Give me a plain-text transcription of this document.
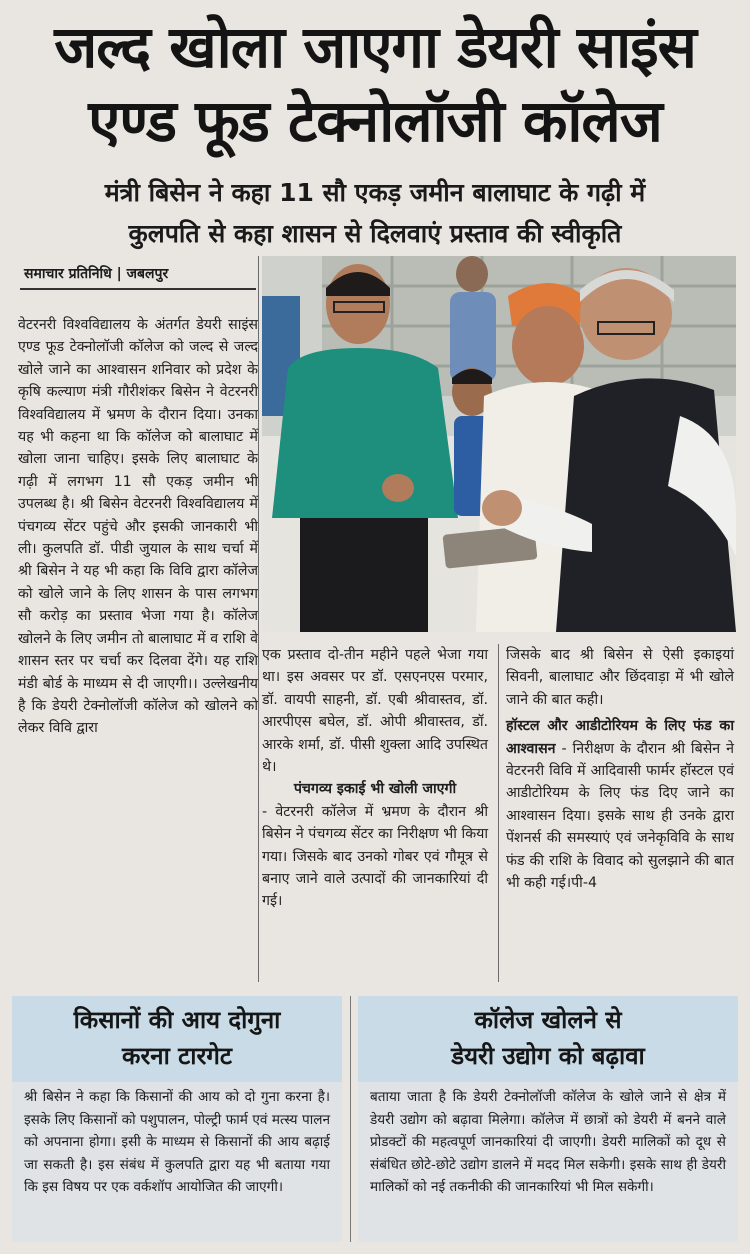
जल्द खोला जाएगा डेयरी साइंस
एण्ड फूड टेक्नोलॉजी कॉलेज
मंत्री बिसेन ने कहा 11 सौ एकड़ जमीन बालाघाट के गढ़ी में
कुलपति से कहा शासन से दिलवाएं प्रस्ताव की स्वीकृति
समाचार प्रतिनिधि | जबलपुर

वेटरनरी विश्वविद्यालय के अंतर्गत डेयरी साइंस एण्ड फूड टेक्नोलॉजी कॉलेज को जल्द से जल्द खोले जाने का आश्वासन शनिवार को प्रदेश के कृषि कल्याण मंत्री गौरीशंकर बिसेन ने वेटरनरी विश्वविद्यालय में भ्रमण के दौरान दिया। उनका यह भी कहना था कि कॉलेज को बालाघाट में खोला जाना चाहिए। इसके लिए बालाघाट के गढ़ी में लगभग 11 सौ एकड़ जमीन भी उपलब्ध है। श्री बिसेन वेटरनरी विश्वविद्यालय में पंचगव्य सेंटर पहुंचे और इसकी जानकारी भी ली। कुलपति डॉ. पीडी जुयाल के साथ चर्चा में श्री बिसेन ने यह भी कहा कि विवि द्वारा कॉलेज को खोले जाने के लिए शासन के पास लगभग सौ करोड़ का प्रस्ताव भेजा गया है। कॉलेज खोलने के लिए जमीन तो बालाघाट में व राशि वे शासन स्तर पर चर्चा कर दिलवा देंगे। यह राशि मंडी बोर्ड के माध्यम से दी जाएगी।। उल्लेखनीय है कि डेयरी टेक्नोलॉजी कॉलेज को खोलने को लेकर विवि द्वारा

एक प्रस्ताव दो-तीन महीने पहले भेजा गया था। इस अवसर पर डॉ. एसएनएस परमार, डॉ. वायपी साहनी, डॉ. एबी श्रीवास्तव, डॉ. आरपीएस बघेल, डॉ. ओपी श्रीवास्तव, डॉ. आरके शर्मा, डॉ. पीसी शुक्ला आदि उपस्थित थे।

पंचगव्य इकाई भी खोली जाएगी

- वेटरनरी कॉलेज में भ्रमण के दौरान श्री बिसेन ने पंचगव्य सेंटर का निरीक्षण भी किया गया। जिसके बाद उनको गोबर एवं गौमूत्र से बनाए जाने वाले उत्पादों की जानकारियां दी गई।

जिसके बाद श्री बिसेन से ऐसी इकाइयां सिवनी, बालाघाट और छिंदवाड़ा में भी खोले जाने की बात कही।

हॉस्टल और आडीटोरियम के लिए फंड का आश्वासन - निरीक्षण के दौरान श्री बिसेन ने वेटरनरी विवि में आदिवासी फार्मर हॉस्टल एवं आडीटोरियम के लिए फंड दिए जाने का आश्वासन दिया। इसके साथ ही उनके द्वारा पेंशनर्स की समस्याएं एवं जनेकृविवि के साथ फंड की राशि के विवाद को सुलझाने की बात भी कही गई।पी-4

किसानों की आय दोगुना
करना टारगेट
श्री बिसेन ने कहा कि किसानों की आय को दो गुना करना है। इसके लिए किसानों को पशुपालन, पोल्ट्री फार्म एवं मत्स्य पालन को अपनाना होगा। इसी के माध्यम से किसानों की आय बढ़ाई जा सकती है। इस संबंध में कुलपति द्वारा यह भी बताया गया कि इस विषय पर एक वर्कशॉप आयोजित की जाएगी।
कॉलेज खोलने से
डेयरी उद्योग को बढ़ावा
बताया जाता है कि डेयरी टेक्नोलॉजी कॉलेज के खोले जाने से क्षेत्र में डेयरी उद्योग को बढ़ावा मिलेगा। कॉलेज में छात्रों को डेयरी में बनने वाले प्रोडक्टों की महत्वपूर्ण जानकारियां दी जाएगी। डेयरी मालिकों को दूध से संबंधित छोटे-छोटे उद्योग डालने में मदद मिल सकेगी। इसके साथ ही डेयरी मालिकों को नई तकनीकी की जानकारियां भी मिल सकेगी।
